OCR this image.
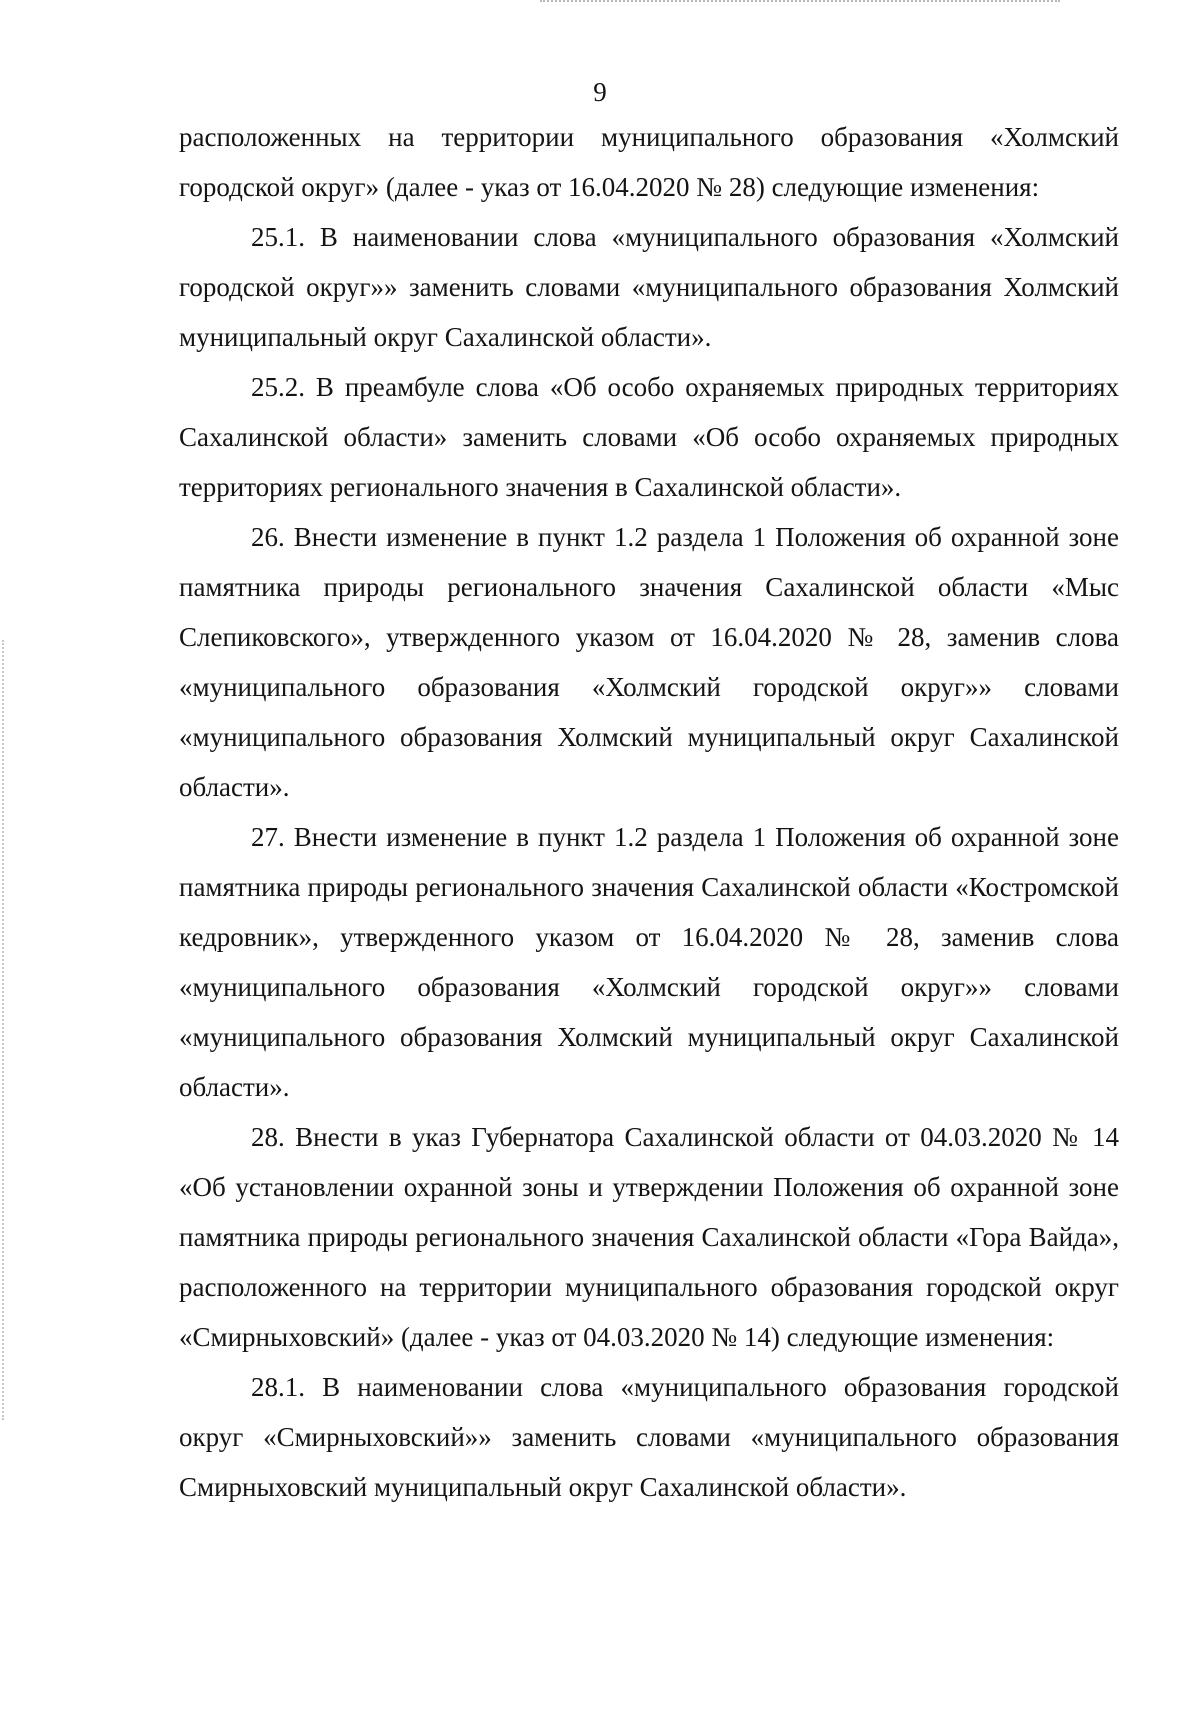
9

расположенных на территории муниципального образования «Холмский городской округ» (далее - указ от 16.04.2020 № 28) следующие изменения:

25.1. В наименовании слова «муниципального образования «Холмский городской округ»» заменить словами «муниципального образования Холмский муниципальный округ Сахалинской области».

25.2. В преамбуле слова «Об особо охраняемых природных территориях Сахалинской области» заменить словами «Об особо охраняемых природных территориях регионального значения в Сахалинской области».

26. Внести изменение в пункт 1.2 раздела 1 Положения об охранной зоне памятника природы регионального значения Сахалинской области «Мыс Слепиковского», утвержденного указом от 16.04.2020 № 28, заменив слова «муниципального образования «Холмский городской округ»» словами «муниципального образования Холмский муниципальный округ Сахалинской области».

27. Внести изменение в пункт 1.2 раздела 1 Положения об охранной зоне памятника природы регионального значения Сахалинской области «Костромской кедровник», утвержденного указом от 16.04.2020 № 28, заменив слова «муниципального образования «Холмский городской округ»» словами «муниципального образования Холмский муниципальный округ Сахалинской области».

28. Внести в указ Губернатора Сахалинской области от 04.03.2020 № 14 «Об установлении охранной зоны и утверждении Положения об охранной зоне памятника природы регионального значения Сахалинской области «Гора Вайда», расположенного на территории муниципального образования городской округ «Смирныховский» (далее - указ от 04.03.2020 № 14) следующие изменения:

28.1. В наименовании слова «муниципального образования городской округ «Смирныховский»» заменить словами «муниципального образования Смирныховский муниципальный округ Сахалинской области».
